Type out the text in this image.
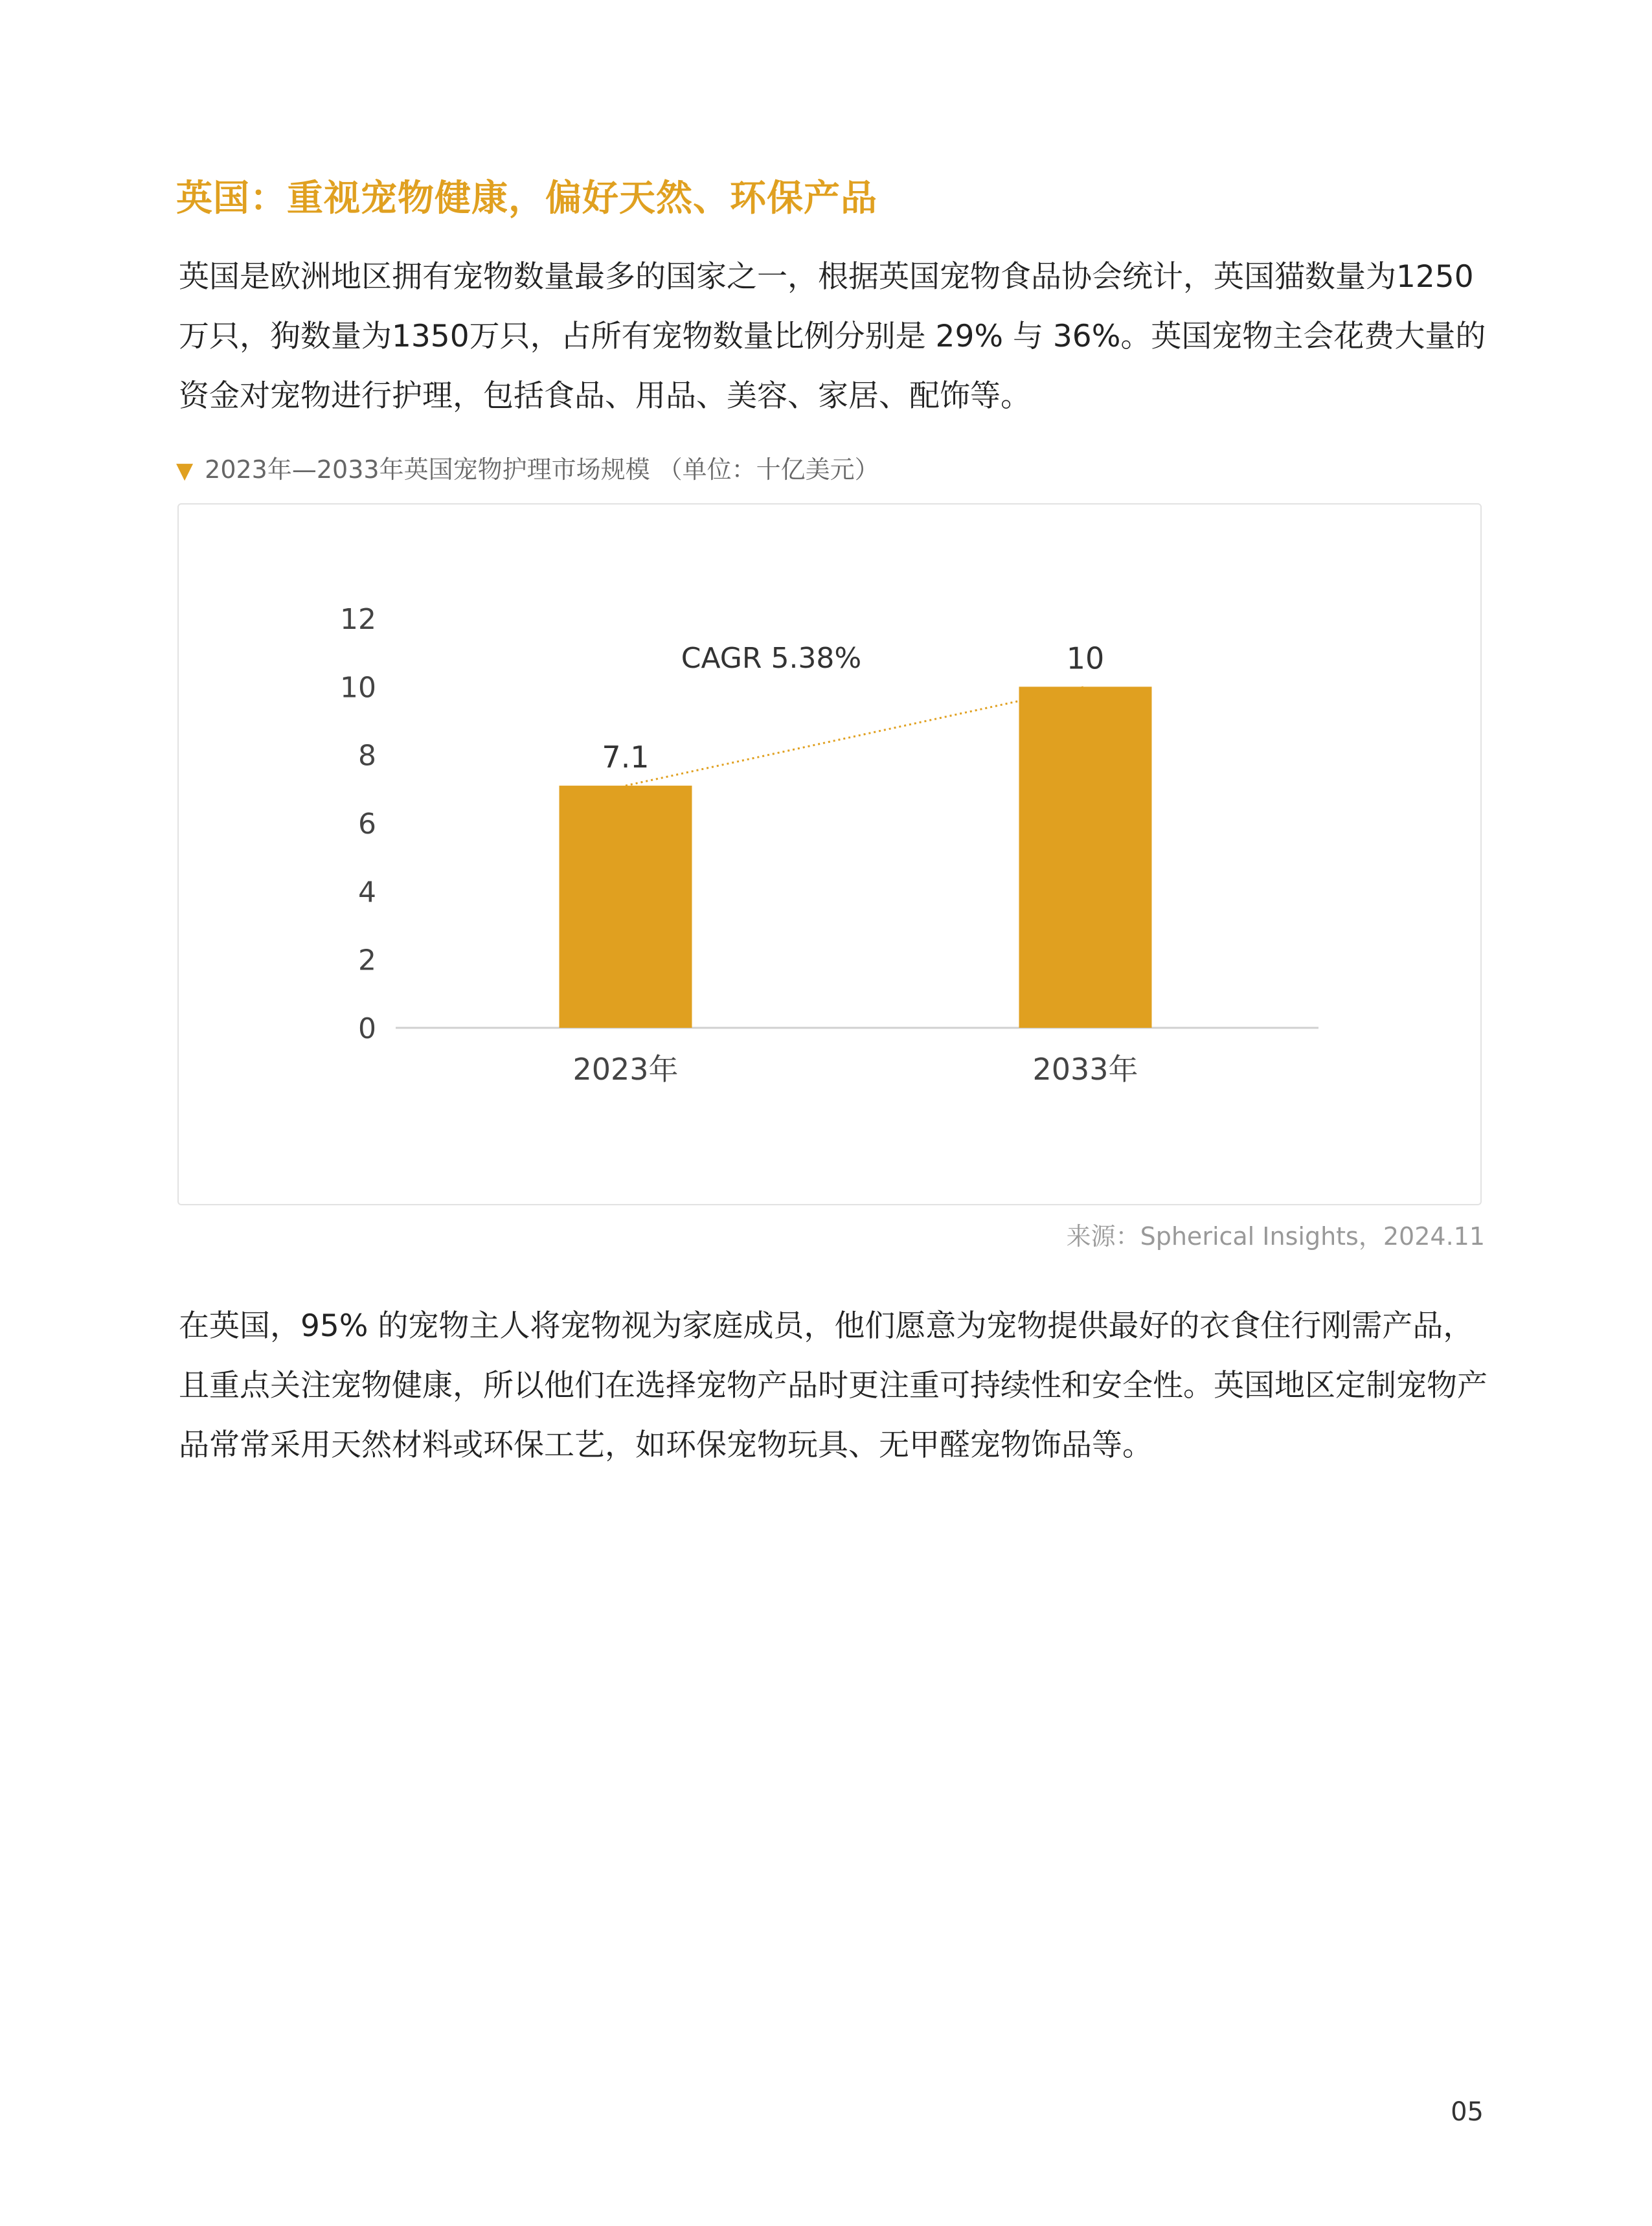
英国：重视宠物健康，偏好天然、环保产品

英国是欧洲地区拥有宠物数量最多的国家之一，根据英国宠物食品协会统计，英国猫数量为1250万只，狗数量为1350万只，占所有宠物数量比例分别是 29% 与 36%。英国宠物主会花费大量的资金对宠物进行护理，包括食品、用品、美容、家居、配饰等。

▼ 2023年—2033年英国宠物护理市场规模 （单位：十亿美元）
0
2
4
6
8
10
12
7.1
2023年
10
2033年
CAGR 5.38%
来源：Spherical Insights，2024.11

在英国，95% 的宠物主人将宠物视为家庭成员，他们愿意为宠物提供最好的衣食住行刚需产品，且重点关注宠物健康，所以他们在选择宠物产品时更注重可持续性和安全性。英国地区定制宠物产品常常采用天然材料或环保工艺，如环保宠物玩具、无甲醛宠物饰品等。

05
